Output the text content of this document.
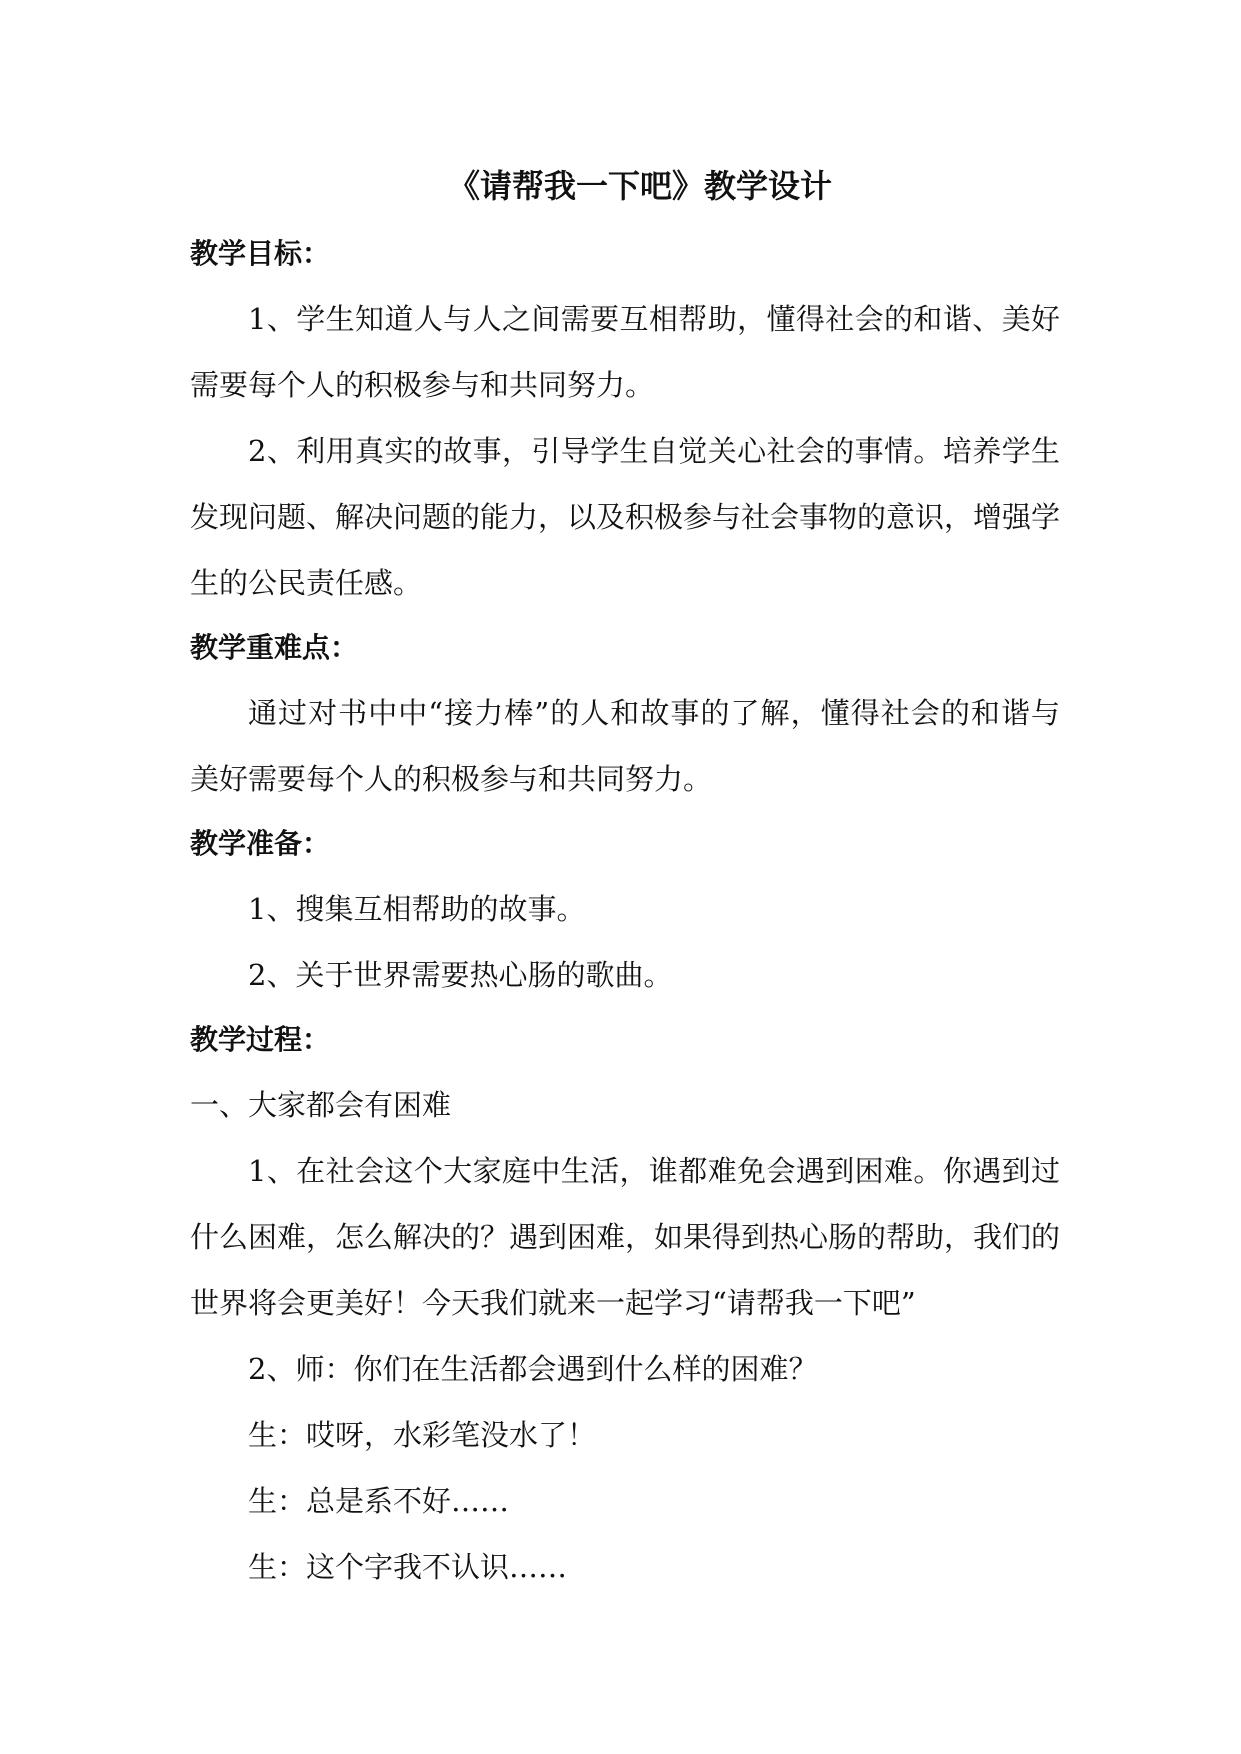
《请帮我一下吧》教学设计
教学目标：

1、学生知道人与人之间需要互相帮助，懂得社会的和谐、美好需要每个人的积极参与和共同努力。

2、利用真实的故事，引导学生自觉关心社会的事情。培养学生发现问题、解决问题的能力，以及积极参与社会事物的意识，增强学生的公民责任感。

教学重难点：

通过对书中中“接力棒”的人和故事的了解，懂得社会的和谐与美好需要每个人的积极参与和共同努力。

教学准备：

1、搜集互相帮助的故事。

2、关于世界需要热心肠的歌曲。

教学过程：

一、大家都会有困难

1、在社会这个大家庭中生活，谁都难免会遇到困难。你遇到过什么困难，怎么解决的？遇到困难，如果得到热心肠的帮助，我们的世界将会更美好！今天我们就来一起学习“请帮我一下吧”

2、师：你们在生活都会遇到什么样的困难？

生：哎呀，水彩笔没水了！

生：总是系不好……

生：这个字我不认识……
